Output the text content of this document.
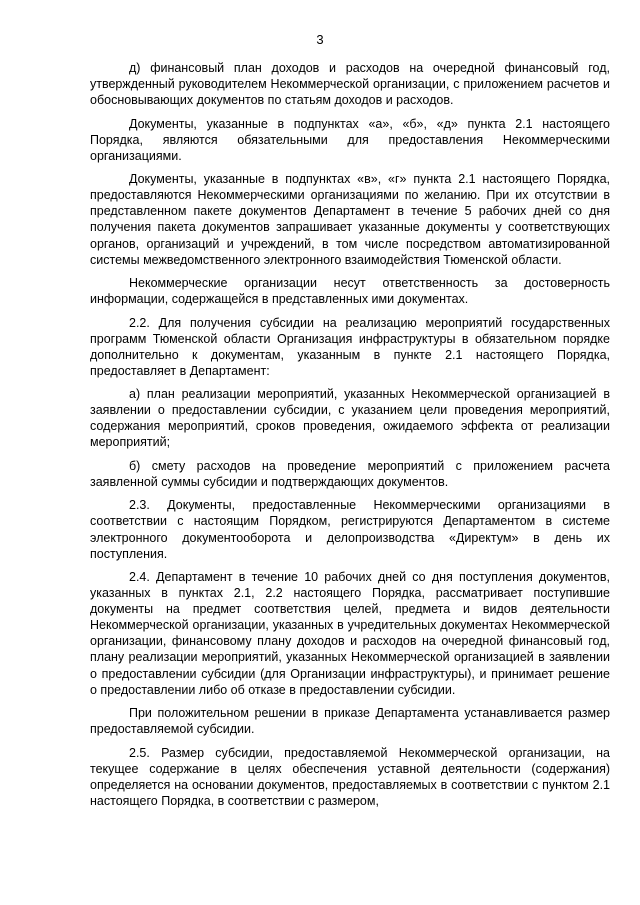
3

д) финансовый план доходов и расходов на очередной финансовый год, утвержденный руководителем Некоммерческой организации, с приложением расчетов и обосновывающих документов по статьям доходов и расходов.

Документы, указанные в подпунктах «а», «б», «д» пункта 2.1 настоящего Порядка, являются обязательными для предоставления Некоммерческими организациями.

Документы, указанные в подпунктах «в», «г» пункта 2.1 настоящего Порядка, предоставляются Некоммерческими организациями по желанию. При их отсутствии в представленном пакете документов Департамент в течение 5 рабочих дней со дня получения пакета документов запрашивает указанные документы у соответствующих органов, организаций и учреждений, в том числе посредством автоматизированной системы межведомственного электронного взаимодействия Тюменской области.

Некоммерческие организации несут ответственность за достоверность информации, содержащейся в представленных ими документах.

2.2. Для получения субсидии на реализацию мероприятий государственных программ Тюменской области Организация инфраструктуры в обязательном порядке дополнительно к документам, указанным в пункте 2.1 настоящего Порядка, предоставляет в Департамент:

а) план реализации мероприятий, указанных Некоммерческой организацией в заявлении о предоставлении субсидии, с указанием цели проведения мероприятий, содержания мероприятий, сроков проведения, ожидаемого эффекта от реализации мероприятий;

б) смету расходов на проведение мероприятий с приложением расчета заявленной суммы субсидии и подтверждающих документов.

2.3. Документы, предоставленные Некоммерческими организациями в соответствии с настоящим Порядком, регистрируются Департаментом в системе электронного документооборота и делопроизводства «Директум» в день их поступления.

2.4. Департамент в течение 10 рабочих дней со дня поступления документов, указанных в пунктах 2.1, 2.2 настоящего Порядка, рассматривает поступившие документы на предмет соответствия целей, предмета и видов деятельности Некоммерческой организации, указанных в учредительных документах Некоммерческой организации, финансовому плану доходов и расходов на очередной финансовый год, плану реализации мероприятий, указанных Некоммерческой организацией в заявлении о предоставлении субсидии (для Организации инфраструктуры), и принимает решение о предоставлении либо об отказе в предоставлении субсидии.

При положительном решении в приказе Департамента устанавливается размер предоставляемой субсидии.

2.5. Размер субсидии, предоставляемой Некоммерческой организации, на текущее содержание в целях обеспечения уставной деятельности (содержания) определяется на основании документов, предоставляемых в соответствии с пунктом 2.1 настоящего Порядка, в соответствии с размером,
